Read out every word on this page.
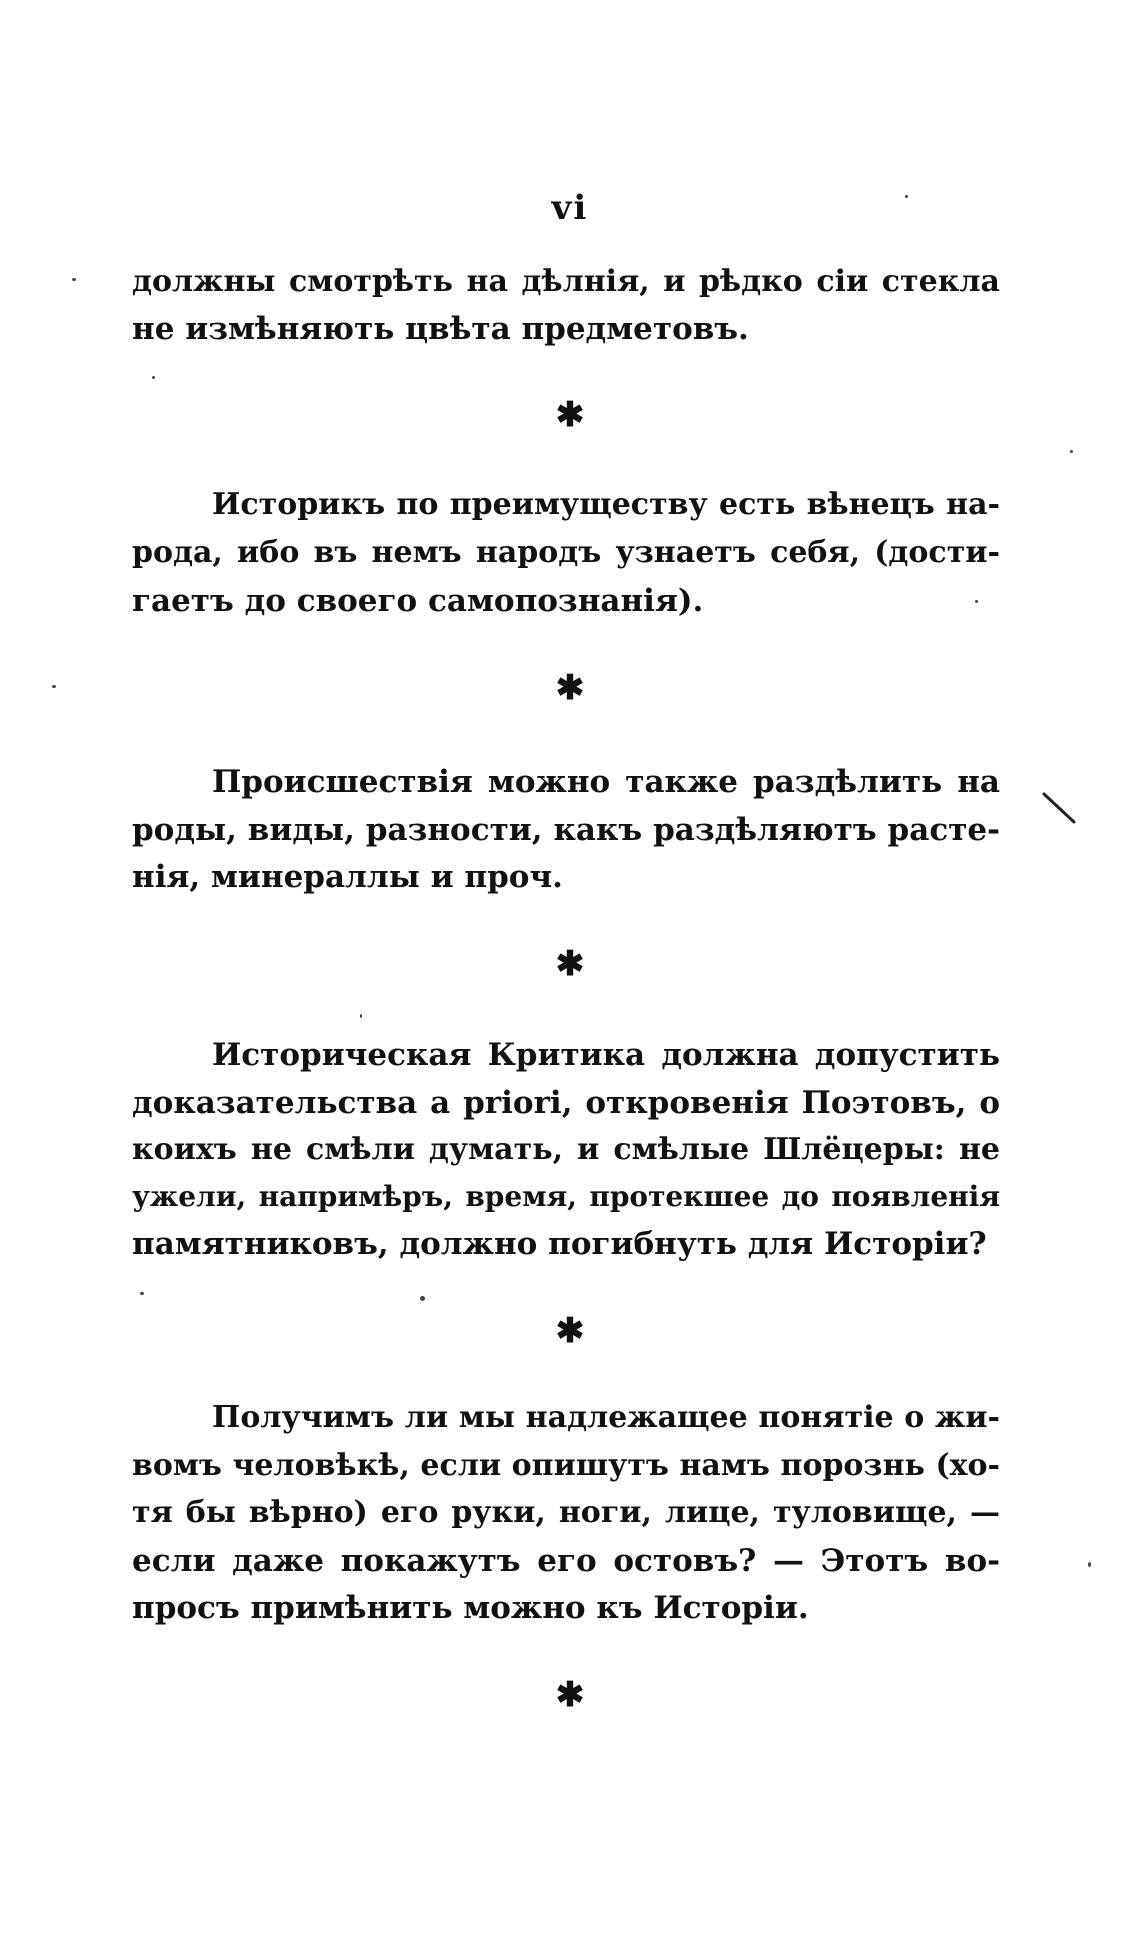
vi
должны смотрѣть на дѣлнія, и рѣдко сіи стекла
не измѣняють цвѣта предметовъ.
✱
Историкъ по преимуществу есть вѣнецъ на-
рода, ибо въ немъ народъ узнаетъ себя, (дости-
гаетъ до своего самопознанія).
✱
Происшествія можно также раздѣлить на
роды, виды, разности, какъ раздѣляютъ расте-
нія, минераллы и проч.
✱
Историческая Критика должна допустить
доказательства a priori, откровенія Поэтовъ, о
коихъ не смѣли думать, и смѣлые Шлёцеры: не
ужели, напримѣръ, время, протекшее до появленія
памятниковъ, должно погибнуть для Исторіи?
✱
Получимъ ли мы надлежащее понятіе о жи-
вомъ человѣкѣ, если опишутъ намъ порознь (хо-
тя бы вѣрно) его руки, ноги, лице, туловище, —
если даже покажутъ его остовъ? — Этотъ во-
просъ примѣнить можно къ Исторіи.
✱
